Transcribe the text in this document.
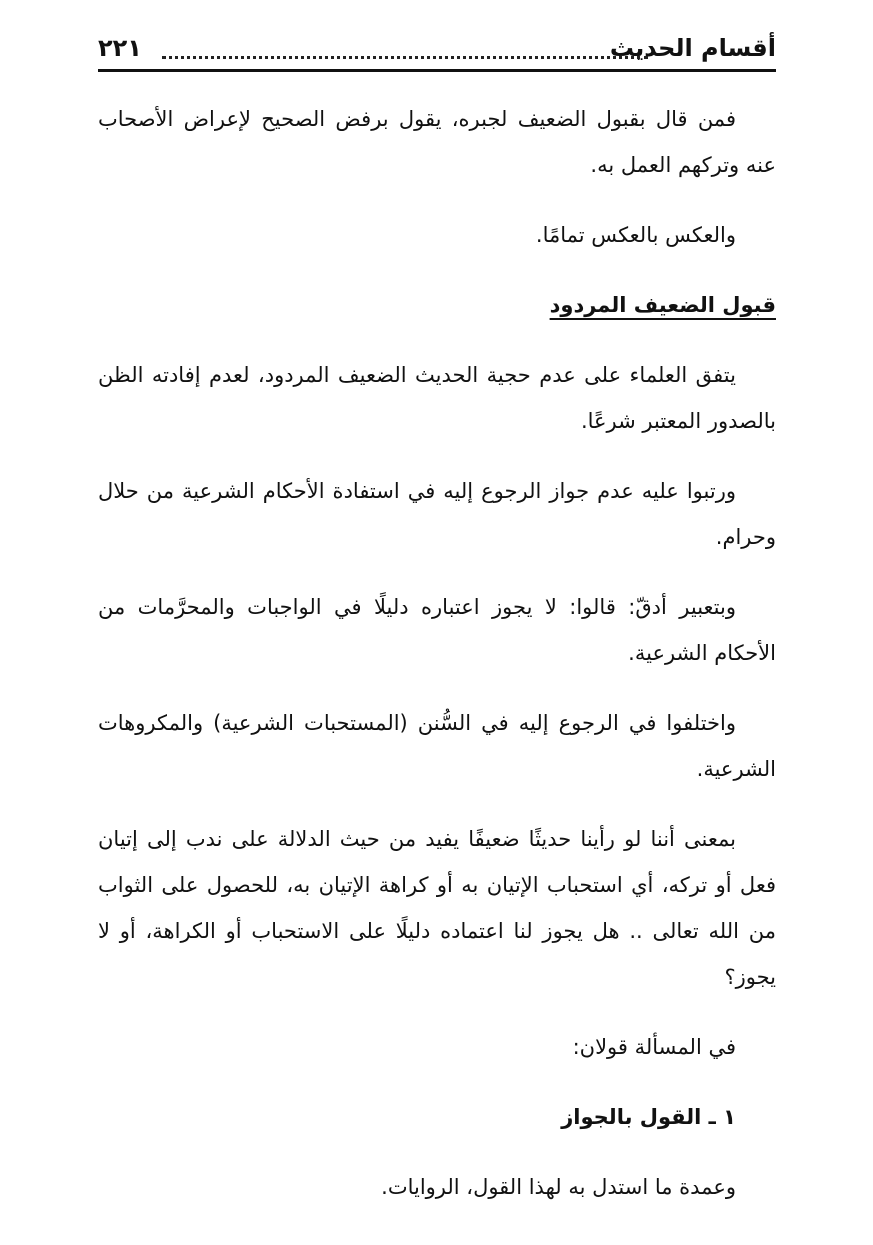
أقسام الحديث
٢٢١

فمن قال بقبول الضعيف لجبره، يقول برفض الصحيح لإعراض الأصحاب عنه وتركهم العمل به.

والعكس بالعكس تمامًا.

قبول الضعيف المردود

يتفق العلماء على عدم حجية الحديث الضعيف المردود، لعدم إفادته الظن بالصدور المعتبر شرعًا.

ورتبوا عليه عدم جواز الرجوع إليه في استفادة الأحكام الشرعية من حلال وحرام.

وبتعبير أدقّ: قالوا: لا يجوز اعتباره دليلًا في الواجبات والمحرَّمات من الأحكام الشرعية.

واختلفوا في الرجوع إليه في السُّنن (المستحبات الشرعية) والمكروهات الشرعية.

بمعنى أننا لو رأينا حديثًا ضعيفًا يفيد من حيث الدلالة على ندب إلى إتيان فعل أو تركه، أي استحباب الإتيان به أو كراهة الإتيان به، للحصول على الثواب من الله تعالى .. هل يجوز لنا اعتماده دليلًا على الاستحباب أو الكراهة، أو لا يجوز؟

في المسألة قولان:

١ ـ القول بالجواز

وعمدة ما استدل به لهذا القول، الروايات.
